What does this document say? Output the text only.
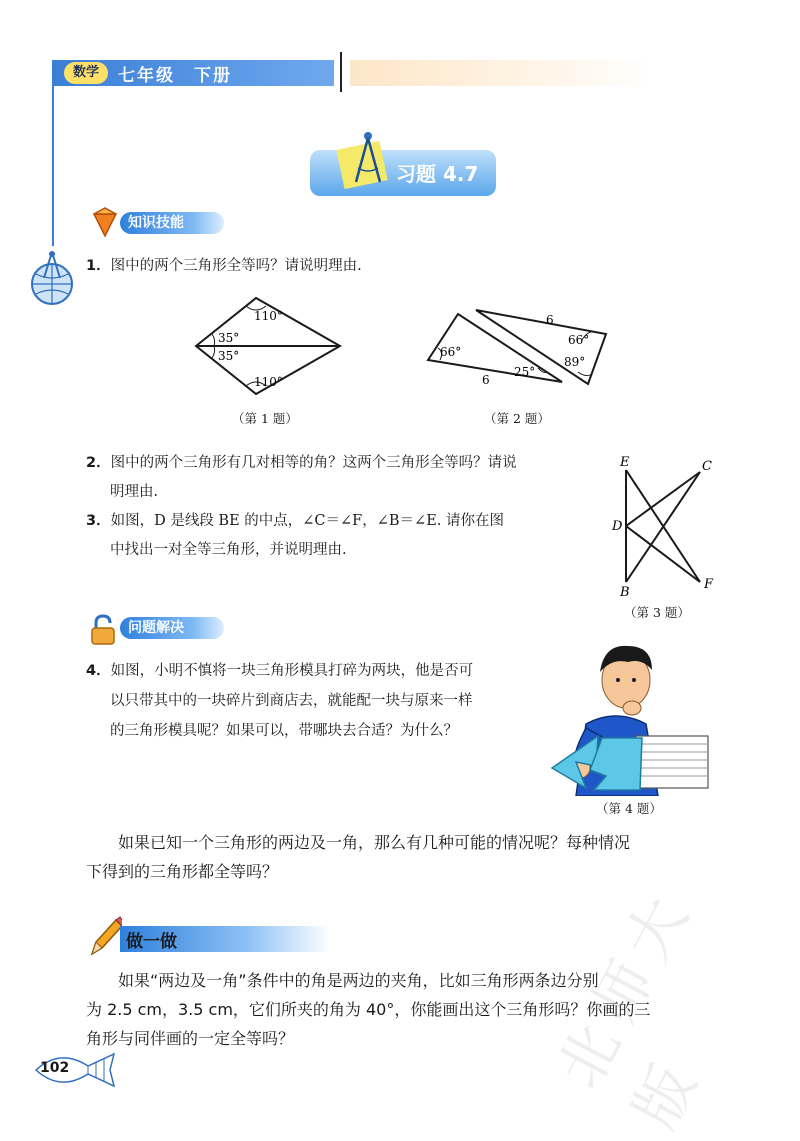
数学	七年级　下册
习题 4.7
知识技能
1．图中的两个三角形全等吗？请说明理由.
110°
35°
35°
110°
（第 1 题）
6
6
66°
66°
89°
25°
（第 2 题）
2．图中的两个三角形有几对相等的角？这两个三角形全等吗？请说
明理由.
3．如图，D 是线段 BE 的中点，∠C＝∠F，∠B＝∠E. 请你在图
中找出一对全等三角形，并说明理由.
E	C
D
B
F
（第 3 题）
问题解决
4．如图，小明不慎将一块三角形模具打碎为两块，他是否可
以只带其中的一块碎片到商店去，就能配一块与原来一样
的三角形模具呢？如果可以，带哪块去合适？为什么？
（第 4 题）
如果已知一个三角形的两边及一角，那么有几种可能的情况呢？每种情况
下得到的三角形都全等吗？
北师大版
做一做
如果“两边及一角”条件中的角是两边的夹角，比如三角形两条边分别
为 2.5 cm，3.5 cm，它们所夹的角为 40°，你能画出这个三角形吗？你画的三
角形与同伴画的一定全等吗？
102
